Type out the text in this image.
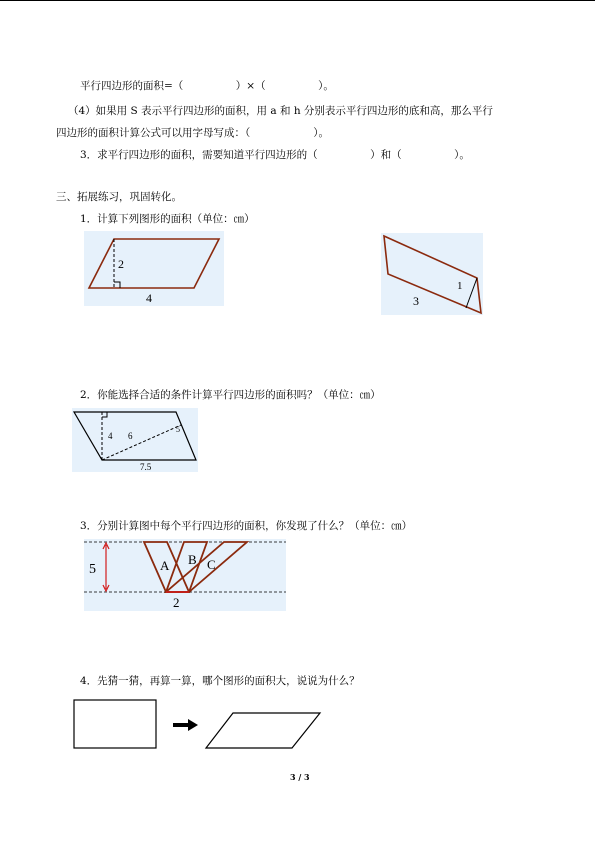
平行四边形的面积=（　　　　　）×（　　　　　）。
（4）如果用 S 表示平行四边形的面积，用 a 和 h 分别表示平行四边形的底和高，那么平行
四边形的面积计算公式可以用字母写成：（　　　　　　）。
3．求平行四边形的面积，需要知道平行四边形的（　　　　　）和（　　　　　）。
三、拓展练习，巩固转化。
1．计算下列图形的面积（单位：㎝）
2
4
1
3
2．你能选择合适的条件计算平行四边形的面积吗？（单位：㎝）
4 6
5
7.5
3．分别计算图中每个平行四边形的面积，你发现了什么？（单位：㎝）
5	A B C
2
4．先猜一猜，再算一算，哪个图形的面积大，说说为什么？
3 / 3
